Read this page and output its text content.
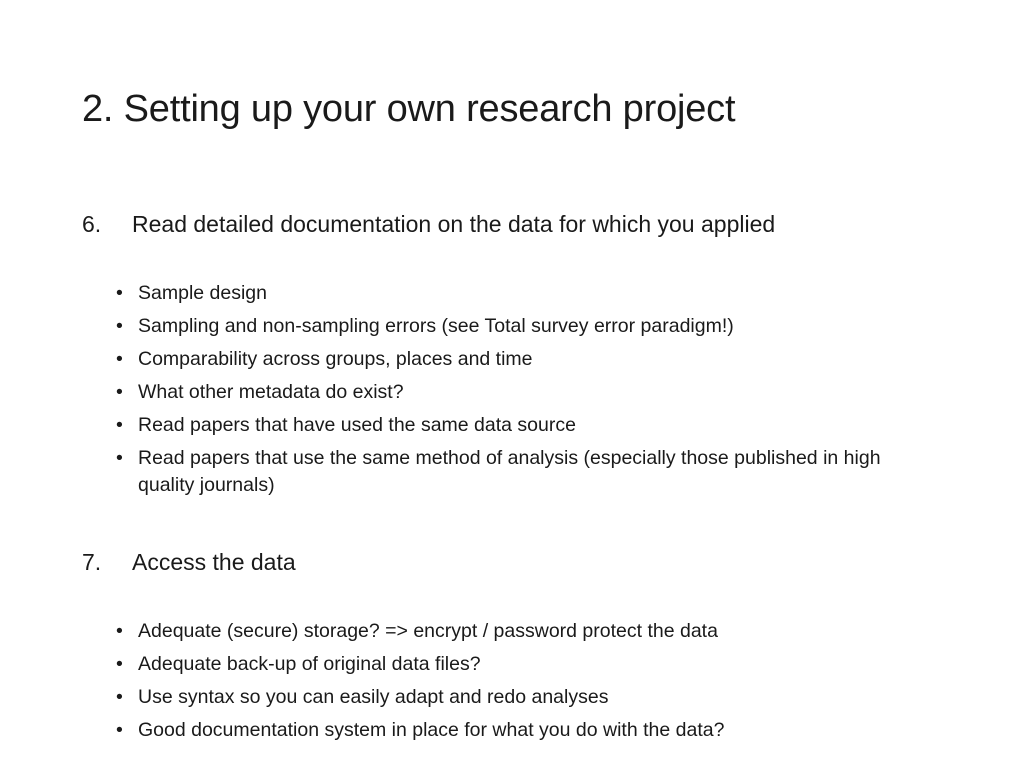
2. Setting up your own research project
6.	Read detailed documentation on the data for which you applied
• Sample design
• Sampling and non-sampling errors (see Total survey error paradigm!)
• Comparability across groups, places and time
• What other metadata do exist?
• Read papers that have used the same data source
• Read papers that use the same method of analysis (especially those published in high quality journals)
7.	Access the data
• Adequate (secure) storage? => encrypt / password protect the data
• Adequate back-up of original data files?
• Use syntax so you can easily adapt and redo analyses
• Good documentation system in place for what you do with the data?
